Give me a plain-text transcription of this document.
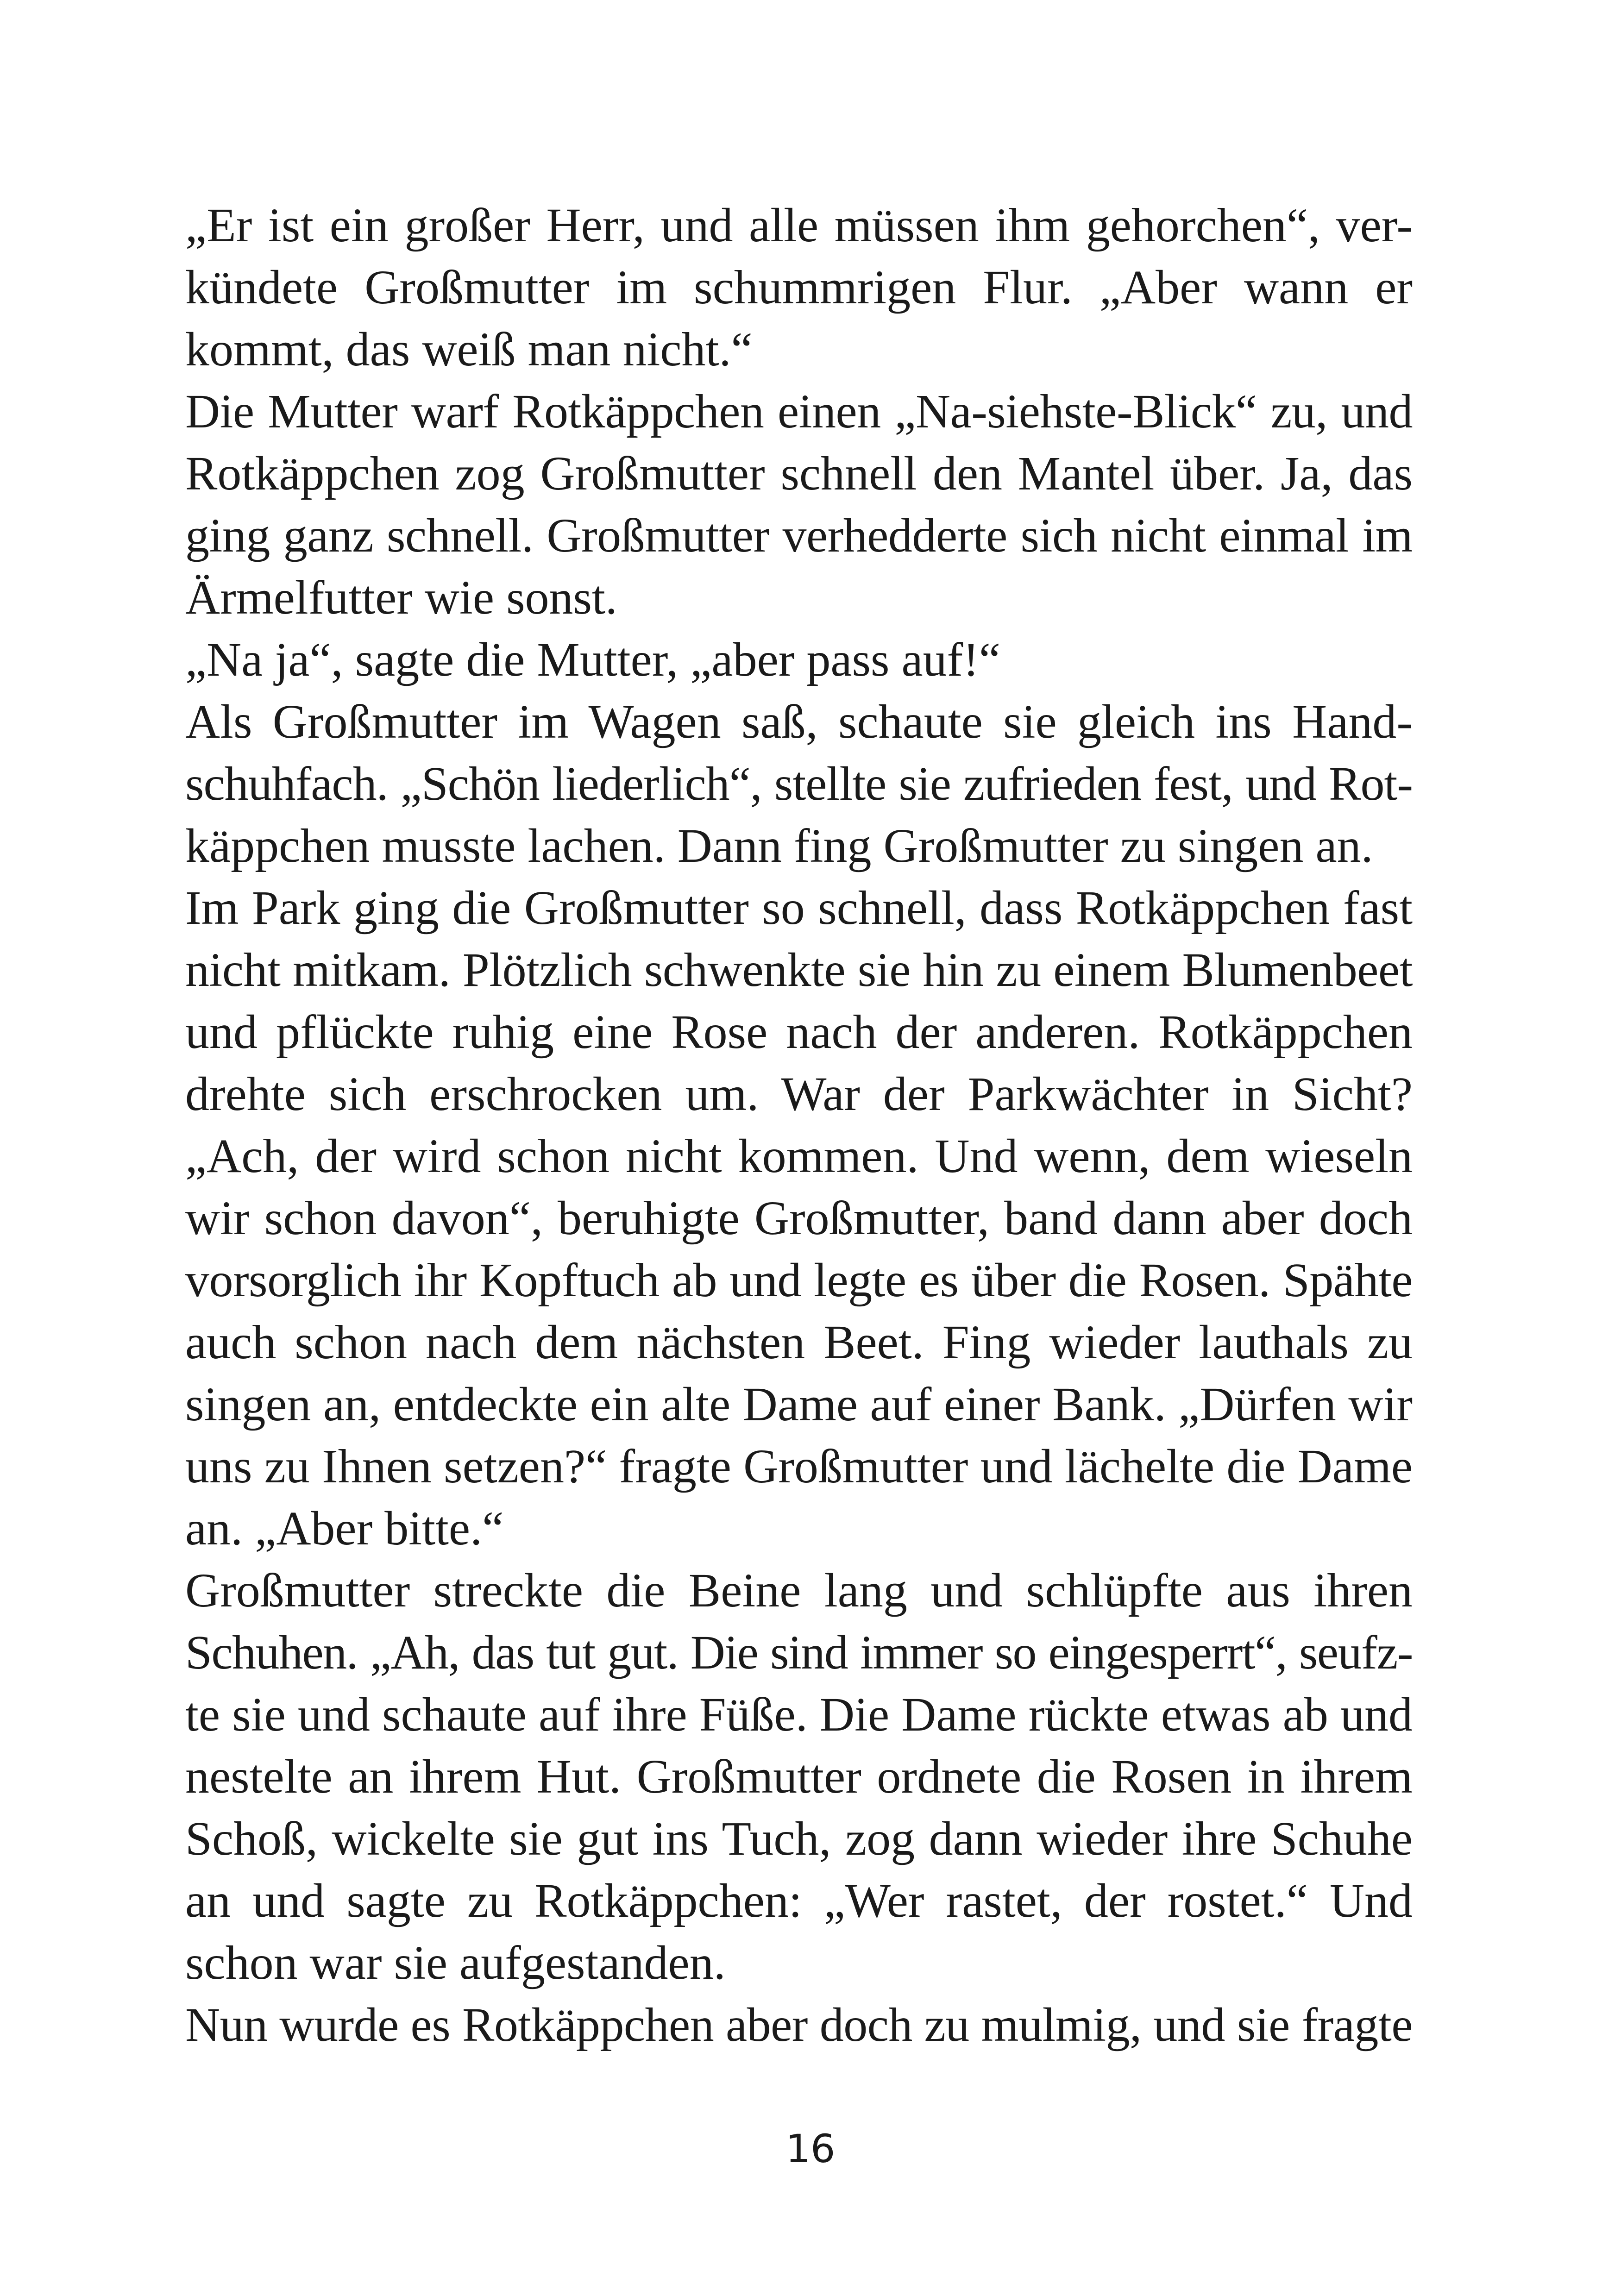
„Er ist ein großer Herr, und alle müssen ihm gehorchen“, ver-
kündete Großmutter im schummrigen Flur. „Aber wann er
kommt, das weiß man nicht.“
Die Mutter warf Rotkäppchen einen „Na-siehste-Blick“ zu, und
Rotkäppchen zog Großmutter schnell den Mantel über. Ja, das
ging ganz schnell. Großmutter verhedderte sich nicht einmal im
Ärmelfutter wie sonst.
„Na ja“, sagte die Mutter, „aber pass auf!“
Als Großmutter im Wagen saß, schaute sie gleich ins Hand-
schuhfach. „Schön liederlich“, stellte sie zufrieden fest, und Rot-
käppchen musste lachen. Dann fing Großmutter zu singen an.
Im Park ging die Großmutter so schnell, dass Rotkäppchen fast
nicht mitkam. Plötzlich schwenkte sie hin zu einem Blumenbeet
und pflückte ruhig eine Rose nach der anderen. Rotkäppchen
drehte sich erschrocken um. War der Parkwächter in Sicht?
„Ach, der wird schon nicht kommen. Und wenn, dem wieseln
wir schon davon“, beruhigte Großmutter, band dann aber doch
vorsorglich ihr Kopftuch ab und legte es über die Rosen. Spähte
auch schon nach dem nächsten Beet. Fing wieder lauthals zu
singen an, entdeckte ein alte Dame auf einer Bank. „Dürfen wir
uns zu Ihnen setzen?“ fragte Großmutter und lächelte die Dame
an. „Aber bitte.“
Großmutter streckte die Beine lang und schlüpfte aus ihren
Schuhen. „Ah, das tut gut. Die sind immer so eingesperrt“, seufz-
te sie und schaute auf ihre Füße. Die Dame rückte etwas ab und
nestelte an ihrem Hut. Großmutter ordnete die Rosen in ihrem
Schoß, wickelte sie gut ins Tuch, zog dann wieder ihre Schuhe
an und sagte zu Rotkäppchen: „Wer rastet, der rostet.“ Und
schon war sie aufgestanden.
Nun wurde es Rotkäppchen aber doch zu mulmig, und sie fragte
16
